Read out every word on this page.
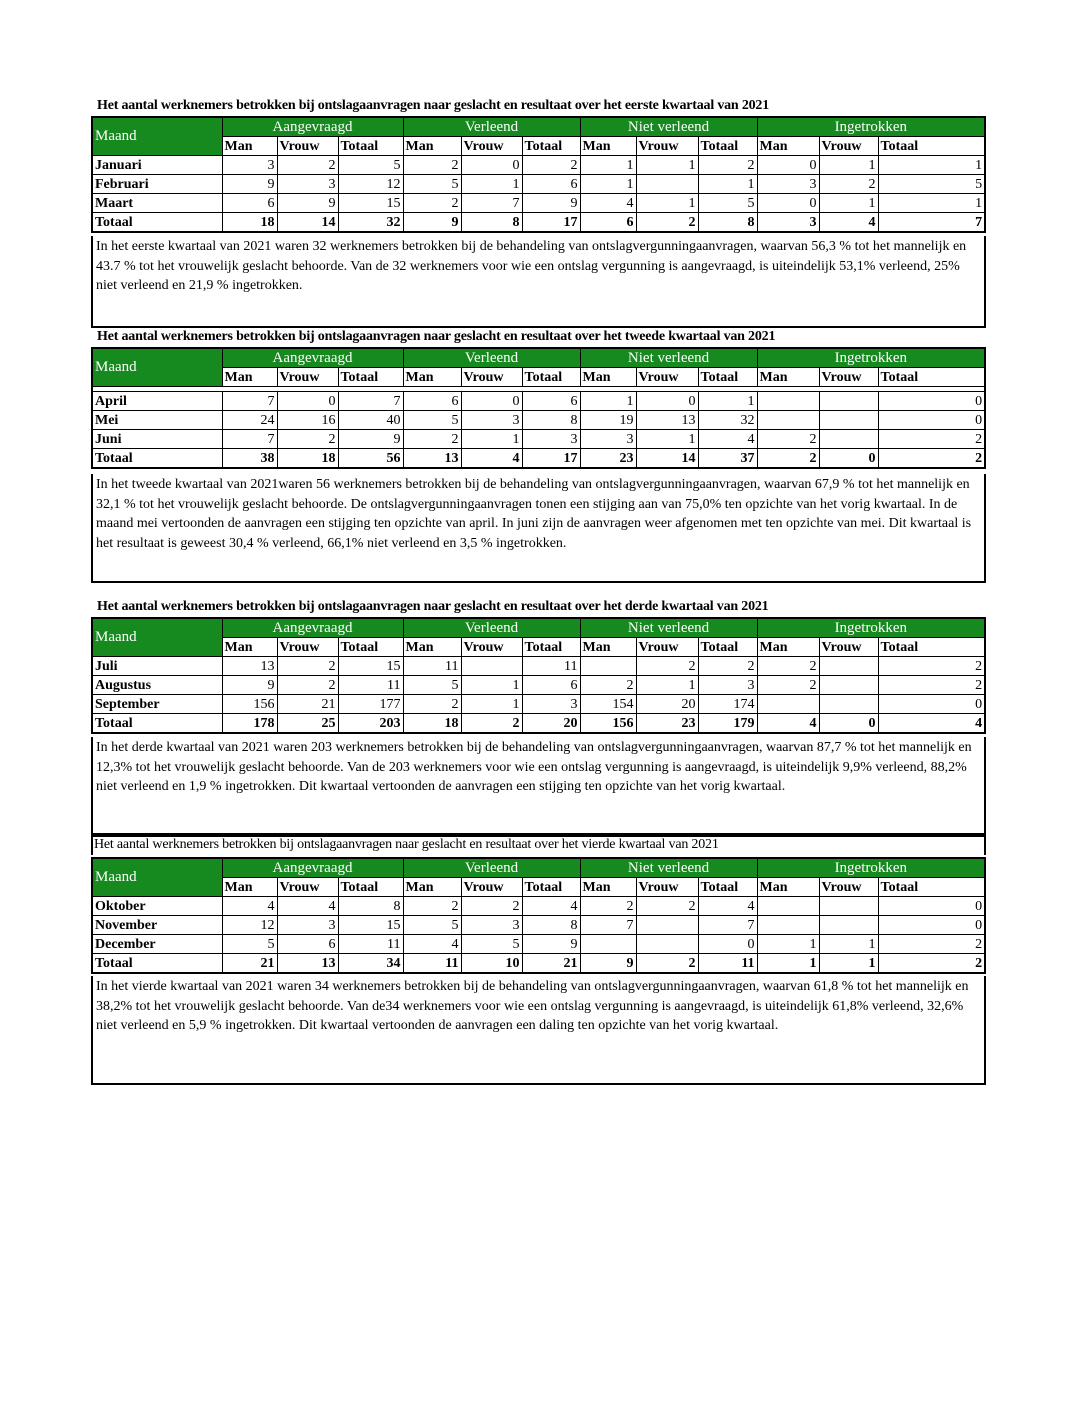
Het aantal werknemers betrokken bij ontslagaanvragen naar geslacht en resultaat over het eerste kwartaal van 2021
Maand	Aangevraagd			Verleend			Niet verleend			Ingetrokken		
	Man	Vrouw	Totaal	Man	Vrouw	Totaal	Man	Vrouw	Totaal	Man	Vrouw	Totaal
Januari	3	2	5	2	0	2	1	1	2	0	1	1
Februari	9	3	12	5	1	6	1		1	3	2	5
Maart	6	9	15	2	7	9	4	1	5	0	1	1
Totaal	18	14	32	9	8	17	6	2	8	3	4	7
In het eerste kwartaal van 2021 waren 32 werknemers betrokken bij de behandeling van ontslagvergunningaanvragen, waarvan 56,3 % tot het mannelijk en 43.7 % tot het vrouwelijk geslacht behoorde. Van de 32 werknemers voor wie een ontslag vergunning is aangevraagd, is uiteindelijk 53,1% verleend, 25% niet verleend en 21,9 % ingetrokken.
Het aantal werknemers betrokken bij ontslagaanvragen naar geslacht en resultaat over het tweede kwartaal van 2021
Maand	Aangevraagd			Verleend			Niet verleend			Ingetrokken		
	Man	Vrouw	Totaal	Man	Vrouw	Totaal	Man	Vrouw	Totaal	Man	Vrouw	Totaal

April	7	0	7	6	0	6	1	0	1			0
Mei	24	16	40	5	3	8	19	13	32			0
Juni	7	2	9	2	1	3	3	1	4	2		2
Totaal	38	18	56	13	4	17	23	14	37	2	0	2
In het tweede kwartaal van 2021waren 56 werknemers betrokken bij de behandeling van ontslagvergunningaanvragen, waarvan 67,9 % tot het mannelijk en 32,1 % tot het vrouwelijk geslacht behoorde. De ontslagvergunningaanvragen tonen een stijging aan van 75,0% ten opzichte van het vorig kwartaal. In de maand mei vertoonden de aanvragen een stijging ten opzichte van april. In juni zijn de aanvragen weer afgenomen met ten opzichte van mei. Dit kwartaal is het resultaat is geweest 30,4 % verleend, 66,1% niet verleend en 3,5 % ingetrokken.
Het aantal werknemers betrokken bij ontslagaanvragen naar geslacht en resultaat over het derde kwartaal van 2021
Maand	Aangevraagd			Verleend			Niet verleend			Ingetrokken		
	Man	Vrouw	Totaal	Man	Vrouw	Totaal	Man	Vrouw	Totaal	Man	Vrouw	Totaal
Juli	13	2	15	11		11		2	2	2		2
Augustus	9	2	11	5	1	6	2	1	3	2		2
September	156	21	177	2	1	3	154	20	174			0
Totaal	178	25	203	18	2	20	156	23	179	4	0	4
In het derde kwartaal van 2021 waren 203 werknemers betrokken bij de behandeling van ontslagvergunningaanvragen, waarvan 87,7 % tot het mannelijk en 12,3% tot het vrouwelijk geslacht behoorde. Van de 203 werknemers voor wie een ontslag vergunning is aangevraagd, is uiteindelijk 9,9% verleend, 88,2% niet verleend en 1,9 % ingetrokken. Dit kwartaal vertoonden de aanvragen een stijging ten opzichte van het vorig kwartaal.
Het aantal werknemers betrokken bij ontslagaanvragen naar geslacht en resultaat over het vierde kwartaal van 2021
Maand	Aangevraagd			Verleend			Niet verleend			Ingetrokken		
	Man	Vrouw	Totaal	Man	Vrouw	Totaal	Man	Vrouw	Totaal	Man	Vrouw	Totaal
Oktober	4	4	8	2	2	4	2	2	4			0
November	12	3	15	5	3	8	7		7			0
December	5	6	11	4	5	9			0	1	1	2
Totaal	21	13	34	11	10	21	9	2	11	1	1	2
In het vierde kwartaal van 2021 waren 34 werknemers betrokken bij de behandeling van ontslagvergunningaanvragen, waarvan 61,8 % tot het mannelijk en 38,2% tot het vrouwelijk geslacht behoorde. Van de34 werknemers voor wie een ontslag vergunning is aangevraagd, is uiteindelijk 61,8% verleend, 32,6% niet verleend en 5,9 % ingetrokken. Dit kwartaal vertoonden de aanvragen een daling ten opzichte van het vorig kwartaal.
